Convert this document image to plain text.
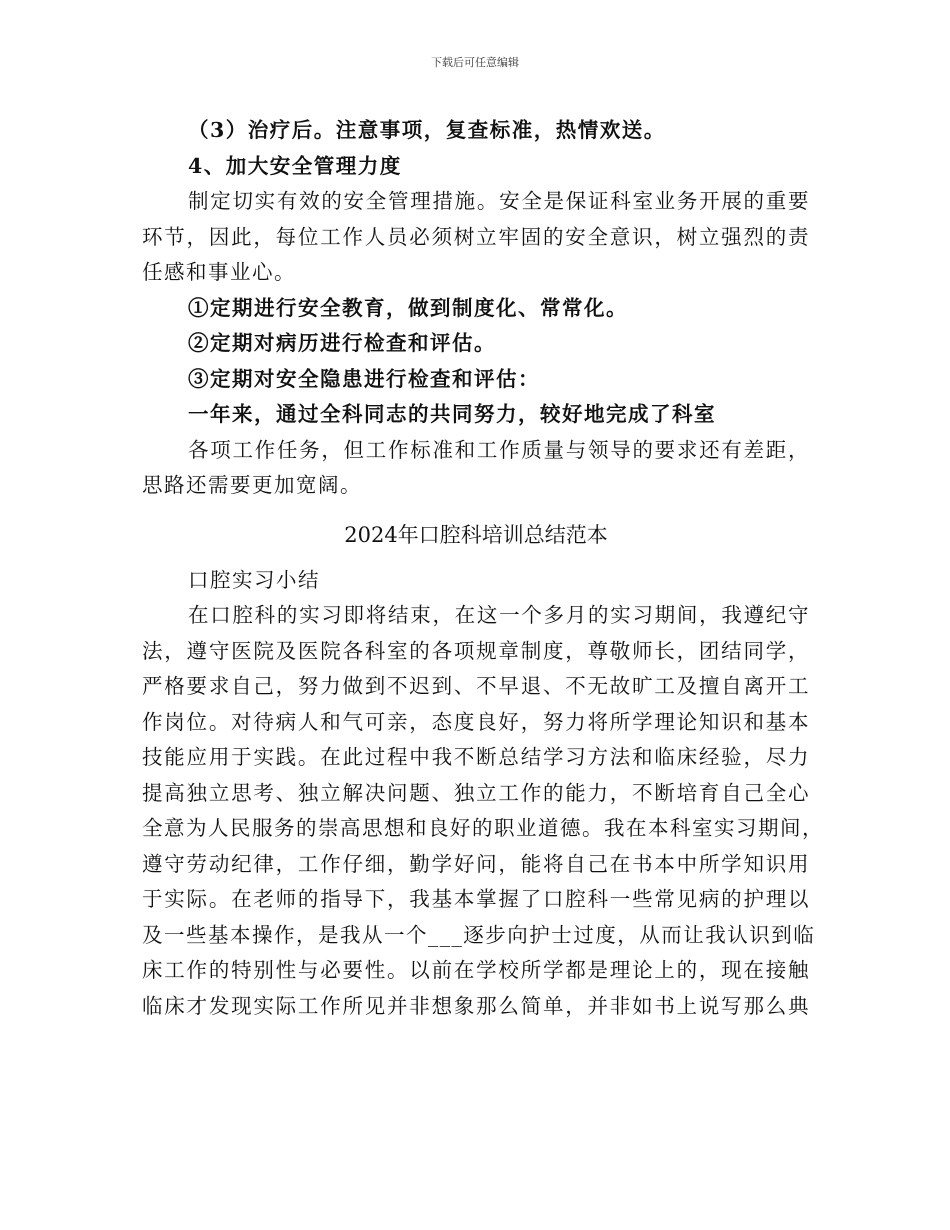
下载后可任意编辑

（3）治疗后。注意事项，复查标准，热情欢送。

4、加大安全管理力度

制定切实有效的安全管理措施。安全是保证科室业务开展的重要

环节，因此，每位工作人员必须树立牢固的安全意识，树立强烈的责

任感和事业心。

①定期进行安全教育，做到制度化、常常化。

②定期对病历进行检查和评估。

③定期对安全隐患进行检查和评估：

一年来，通过全科同志的共同努力，较好地完成了科室

各项工作任务，但工作标准和工作质量与领导的要求还有差距，

思路还需要更加宽阔。

2024年口腔科培训总结范本

口腔实习小结

在口腔科的实习即将结束，在这一个多月的实习期间，我遵纪守

法，遵守医院及医院各科室的各项规章制度，尊敬师长，团结同学，

严格要求自己，努力做到不迟到、不早退、不无故旷工及擅自离开工

作岗位。对待病人和气可亲，态度良好，努力将所学理论知识和基本

技能应用于实践。在此过程中我不断总结学习方法和临床经验，尽力

提高独立思考、独立解决问题、独立工作的能力，不断培育自己全心

全意为人民服务的崇高思想和良好的职业道德。我在本科室实习期间，

遵守劳动纪律，工作仔细，勤学好问，能将自己在书本中所学知识用

于实际。在老师的指导下，我基本掌握了口腔科一些常见病的护理以

及一些基本操作，是我从一个___逐步向护士过度，从而让我认识到临

床工作的特别性与必要性。以前在学校所学都是理论上的，现在接触

临床才发现实际工作所见并非想象那么简单，并非如书上说写那么典
